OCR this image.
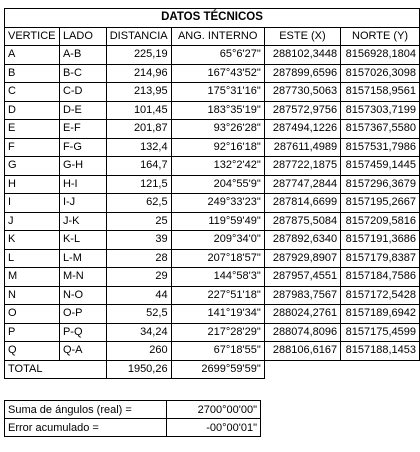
DATOS TÉCNICOS					
VERTICE	LADO	DISTANCIA	ANG. INTERNO	ESTE (X)	NORTE (Y)
A	A-B	225,19	65°6'27"	288102,3448	8156928,1804
B	B-C	214,96	167°43'52"	287899,6596	8157026,3098
C	C-D	213,95	175°31'16"	287730,5063	8157158,9561
D	D-E	101,45	183°35'19"	287572,9756	8157303,7199
E	E-F	201,87	93°26'28"	287494,1226	8157367,5580
F	F-G	132,4	92°16'18"	287611,4989	8157531,7986
G	G-H	164,7	132°2'42"	287722,1875	8157459,1445
H	H-I	121,5	204°55'9"	287747,2844	8157296,3679
I	I-J	62,5	249°33'23"	287814,6699	8157195,2667
J	J-K	25	119°59'49"	287875,5084	8157209,5816
K	K-L	39	209°34'0"	287892,6340	8157191,3686
L	L-M	28	207°18'57"	287929,8907	8157179,8387
M	M-N	29	144°58'3"	287957,4551	8157184,7586
N	N-O	44	227°51'18"	287983,7567	8157172,5428
O	O-P	52,5	141°19'34"	288024,2761	8157189,6942
P	P-Q	34,24	217°28'29"	288074,8096	8157175,4599
Q	Q-A	260	67°18'55"	288106,6167	8157188,1453
TOTAL		1950,26	2699°59'59"		
Suma de ángulos (real) =	2700°00'00"
Error acumulado =	-00°00'01"
